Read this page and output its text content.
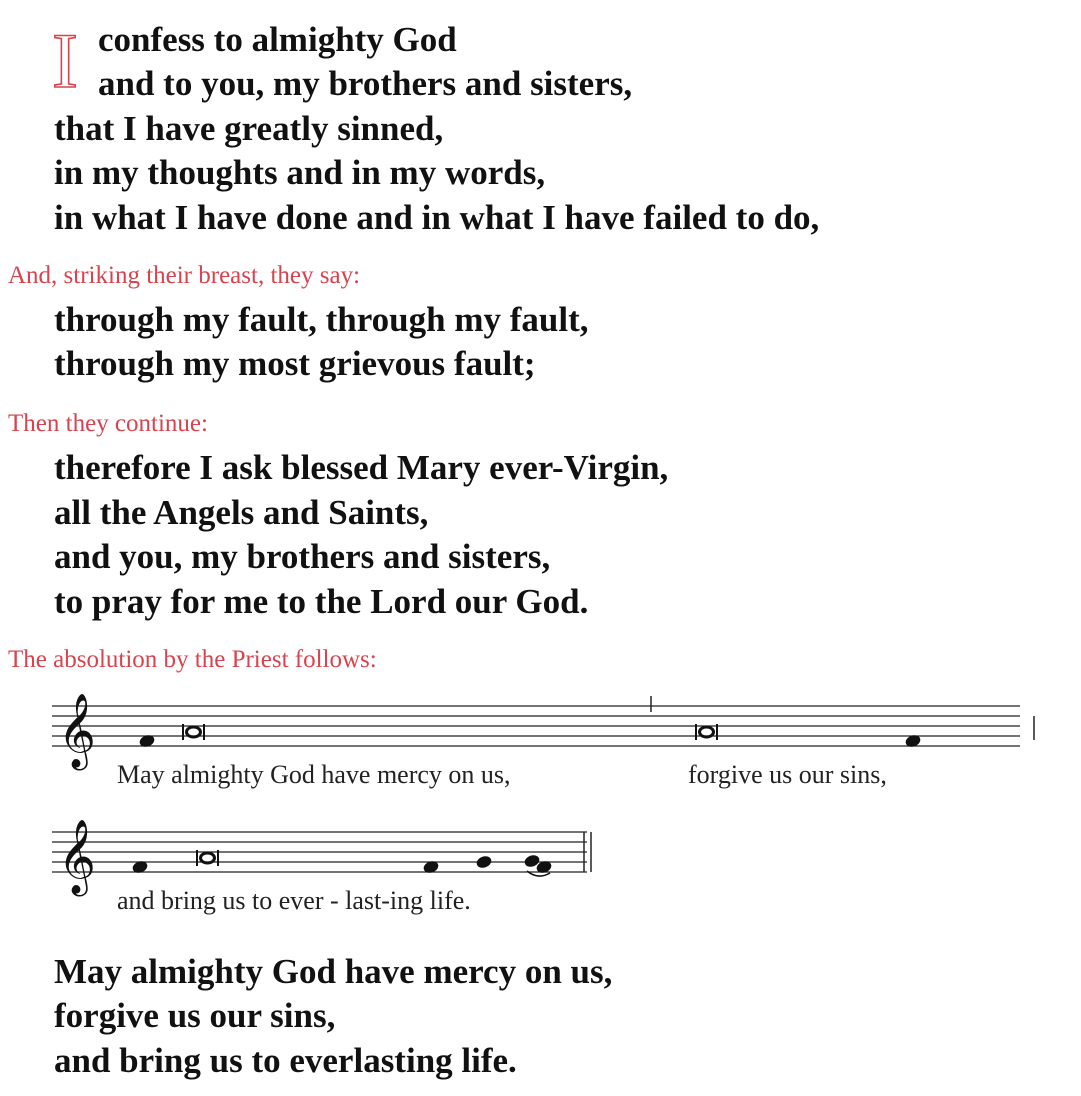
I confess to almighty God
and to you, my brothers and sisters,
that I have greatly sinned,
in my thoughts and in my words,
in what I have done and in what I have failed to do,
And, striking their breast, they say:
through my fault, through my fault,
through my most grievous fault;
Then they continue:
therefore I ask blessed Mary ever-Virgin,
all the Angels and Saints,
and you, my brothers and sisters,
to pray for me to the Lord our God.
The absolution by the Priest follows:
𝄞
𝄞
May almighty God have mercy on us,	forgive us our sins,
and bring us to ever - last-ing life.
May almighty God have mercy on us,
forgive us our sins,
and bring us to everlasting life.
